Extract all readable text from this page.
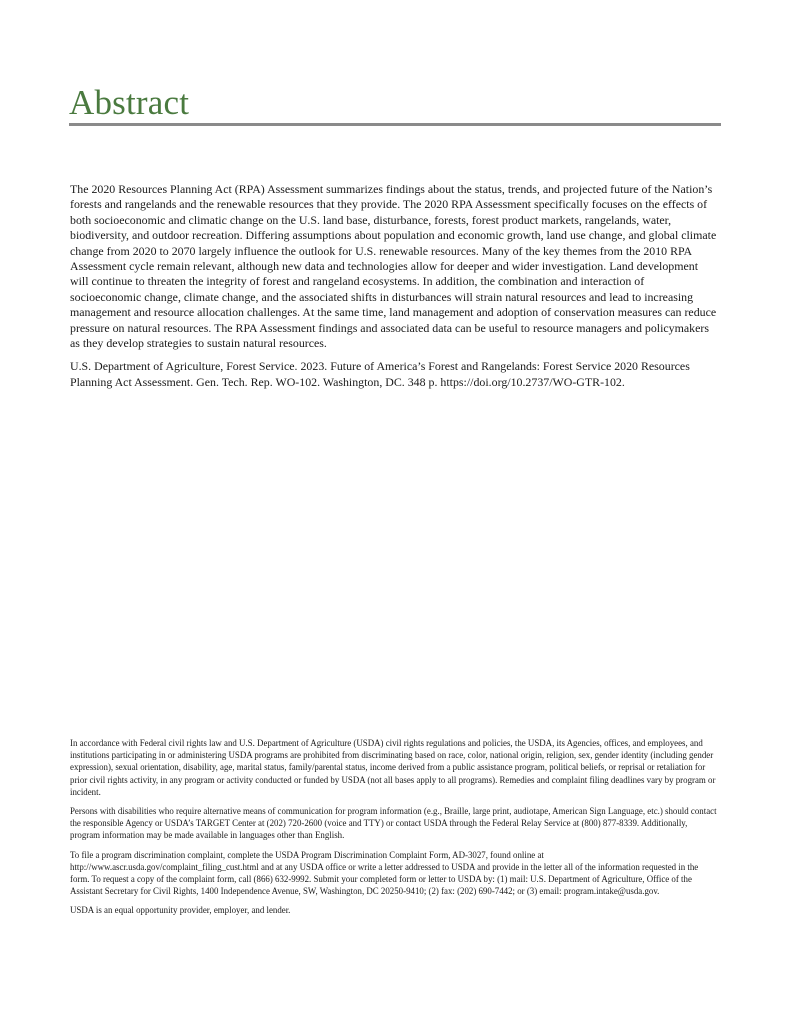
Abstract

The 2020 Resources Planning Act (RPA) Assessment summarizes findings about the status, trends, and projected future of the Nation’s forests and rangelands and the renewable resources that they provide. The 2020 RPA Assessment specifically focuses on the effects of both socioeconomic and climatic change on the U.S. land base, disturbance, forests, forest product markets, rangelands, water, biodiversity, and outdoor recreation. Differing assumptions about population and economic growth, land use change, and global climate change from 2020 to 2070 largely influence the outlook for U.S. renewable resources. Many of the key themes from the 2010 RPA Assessment cycle remain relevant, although new data and technologies allow for deeper and wider investigation. Land development will continue to threaten the integrity of forest and rangeland ecosystems. In addition, the combination and interaction of socioeconomic change, climate change, and the associated shifts in disturbances will strain natural resources and lead to increasing management and resource allocation challenges. At the same time, land management and adoption of conservation measures can reduce pressure on natural resources. The RPA Assessment findings and associated data can be useful to resource managers and policymakers as they develop strategies to sustain natural resources.

U.S. Department of Agriculture, Forest Service. 2023. Future of America’s Forest and Rangelands: Forest Service 2020 Resources Planning Act Assessment. Gen. Tech. Rep. WO-102. Washington, DC. 348 p. https://doi.org/10.2737/WO-GTR-102.

In accordance with Federal civil rights law and U.S. Department of Agriculture (USDA) civil rights regulations and policies, the USDA, its Agencies, offices, and employees, and institutions participating in or administering USDA programs are prohibited from discriminating based on race, color, national origin, religion, sex, gender identity (including gender expression), sexual orientation, disability, age, marital status, family/parental status, income derived from a public assistance program, political beliefs, or reprisal or retaliation for prior civil rights activity, in any program or activity conducted or funded by USDA (not all bases apply to all programs). Remedies and complaint filing deadlines vary by program or incident.

Persons with disabilities who require alternative means of communication for program information (e.g., Braille, large print, audiotape, American Sign Language, etc.) should contact the responsible Agency or USDA’s TARGET Center at (202) 720-2600 (voice and TTY) or contact USDA through the Federal Relay Service at (800) 877-8339. Additionally, program information may be made available in languages other than English.

To file a program discrimination complaint, complete the USDA Program Discrimination Complaint Form, AD-3027, found online at http://www.ascr.usda.gov/complaint_filing_cust.html and at any USDA office or write a letter addressed to USDA and provide in the letter all of the information requested in the form. To request a copy of the complaint form, call (866) 632-9992. Submit your completed form or letter to USDA by: (1) mail: U.S. Department of Agriculture, Office of the Assistant Secretary for Civil Rights, 1400 Independence Avenue, SW, Washington, DC 20250-9410; (2) fax: (202) 690-7442; or (3) email: program.intake@usda.gov.

USDA is an equal opportunity provider, employer, and lender.
